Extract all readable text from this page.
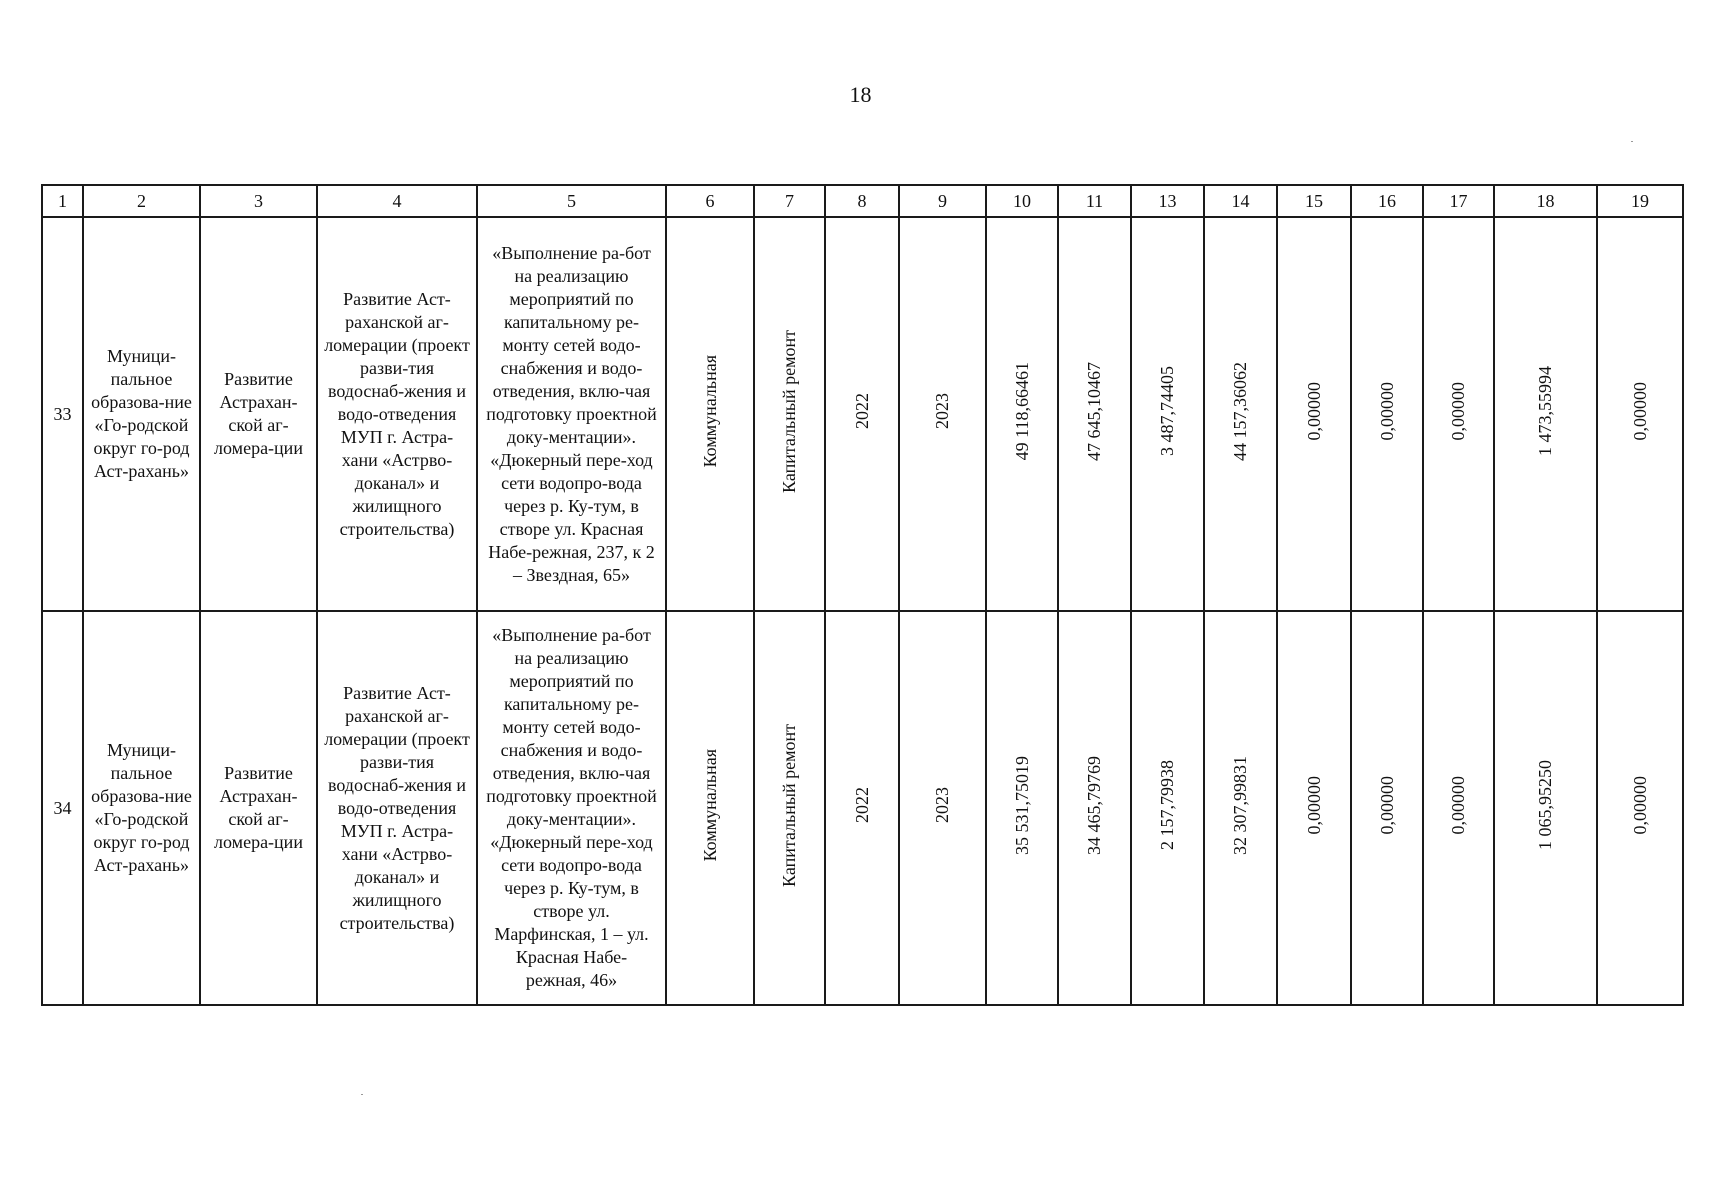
18
1	2	3	4	5	6	7	8	9	10	11	13	14	15	16	17	18	19
33	Муници-пальное образова-ние «Го-родской округ го-род Аст-рахань»	Развитие Астрахан-ской аг-ломера-ции	Развитие Аст-раханской аг-ломерации (проект разви-тия водоснаб-жения и водо-отведения МУП г. Астра-хани «Астрво-доканал» и жилищного строительства)	«Выполнение ра-бот на реализацию мероприятий по капитальному ре-монту сетей водо-снабжения и водо-отведения, вклю-чая подготовку проектной доку-ментации». «Дюкерный пере-ход сети водопро-вода через р. Ку-тум, в створе ул. Красная Набе-режная, 237, к 2 – Звездная, 65»	Коммунальная	Капитальный ремонт	2022	2023	49 118,66461	47 645,10467	3 487,74405	44 157,36062	0,00000	0,00000	0,00000	1 473,55994	0,00000
34	Муници-пальное образова-ние «Го-родской округ го-род Аст-рахань»	Развитие Астрахан-ской аг-ломера-ции	Развитие Аст-раханской аг-ломерации (проект разви-тия водоснаб-жения и водо-отведения МУП г. Астра-хани «Астрво-доканал» и жилищного строительства)	«Выполнение ра-бот на реализацию мероприятий по капитальному ре-монту сетей водо-снабжения и водо-отведения, вклю-чая подготовку проектной доку-ментации». «Дюкерный пере-ход сети водопро-вода через р. Ку-тум, в створе ул. Марфинская, 1 – ул. Красная Набе-режная, 46»	Коммунальная	Капитальный ремонт	2022	2023	35 531,75019	34 465,79769	2 157,79938	32 307,99831	0,00000	0,00000	0,00000	1 065,95250	0,00000
